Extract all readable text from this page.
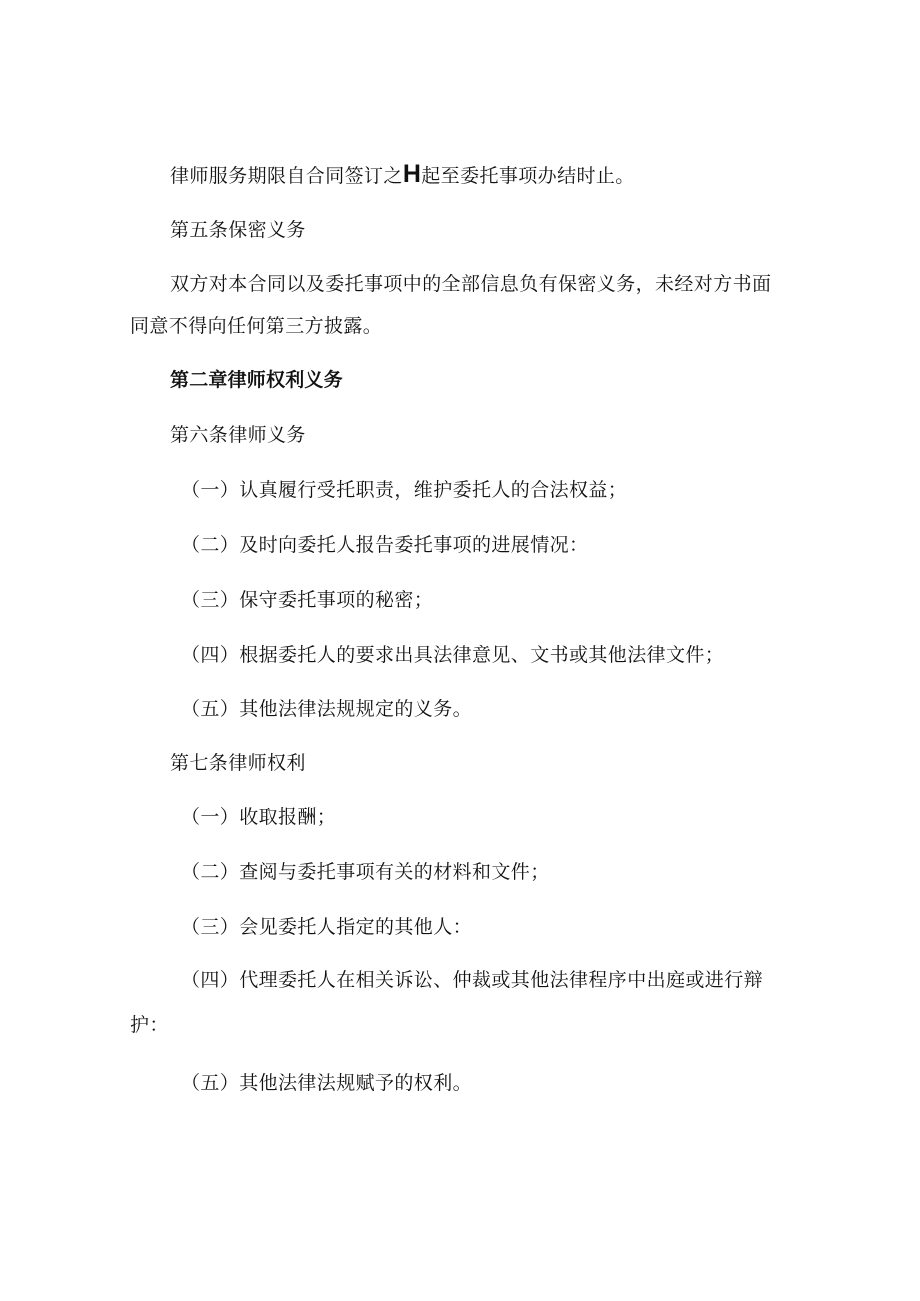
律师服务期限自合同签订之H起至委托事项办结时止。

第五条保密义务

双方对本合同以及委托事项中的全部信息负有保密义务，未经对方书面

同意不得向任何第三方披露。

第二章律师权利义务

第六条律师义务

（一）认真履行受托职责，维护委托人的合法权益；

（二）及时向委托人报告委托事项的进展情况：

（三）保守委托事项的秘密；

（四）根据委托人的要求出具法律意见、文书或其他法律文件；

（五）其他法律法规规定的义务。

第七条律师权利

（一）收取报酬；

（二）查阅与委托事项有关的材料和文件；

（三）会见委托人指定的其他人：

（四）代理委托人在相关诉讼、仲裁或其他法律程序中出庭或进行辩

护：

（五）其他法律法规赋予的权利。
